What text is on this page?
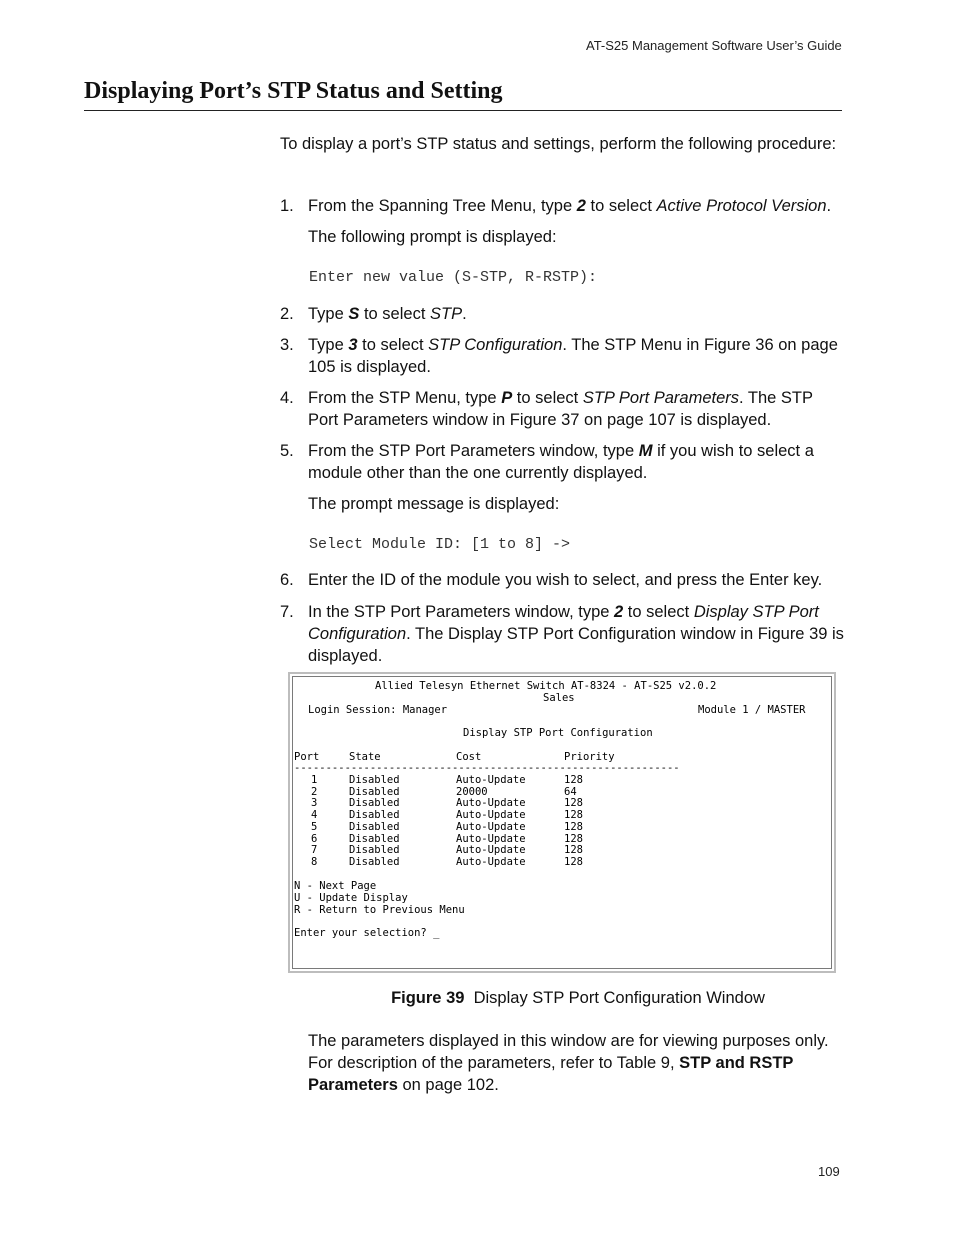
AT-S25 Management Software User’s Guide
Displaying Port’s STP Status and Setting
To display a port’s STP status and settings, perform the following procedure:
1. From the Spanning Tree Menu, type 2 to select Active Protocol Version.
The following prompt is displayed:
Enter new value (S-STP, R-RSTP):
2. Type S to select STP.
3. Type 3 to select STP Configuration. The STP Menu in Figure 36 on page 105 is displayed.
4. From the STP Menu, type P to select STP Port Parameters. The STP Port Parameters window in Figure 37 on page 107 is displayed.
5. From the STP Port Parameters window, type M if you wish to select a module other than the one currently displayed.
The prompt message is displayed:
Select Module ID: [1 to 8] ->
6. Enter the ID of the module you wish to select, and press the Enter key.
7. In the STP Port Parameters window, type 2 to select Display STP Port Configuration. The Display STP Port Configuration window in Figure 39 is displayed.
Allied Telesyn Ethernet Switch AT-8324 - AT-S25 v2.0.2
Sales
Login Session: Manager	Module 1 / MASTER
Display STP Port Configuration
Port	State	Cost	Priority
-------------------------------------------------------------
1	Disabled	Auto-Update	128
2	Disabled	20000	64
3	Disabled	Auto-Update	128
4	Disabled	Auto-Update	128
5	Disabled	Auto-Update	128
6	Disabled	Auto-Update	128
7	Disabled	Auto-Update	128
8	Disabled	Auto-Update	128
N - Next Page
U - Update Display
R - Return to Previous Menu
Enter your selection? _
Figure 39 Display STP Port Configuration Window
The parameters displayed in this window are for viewing purposes only. For description of the parameters, refer to Table 9, STP and RSTP Parameters on page 102.
109
